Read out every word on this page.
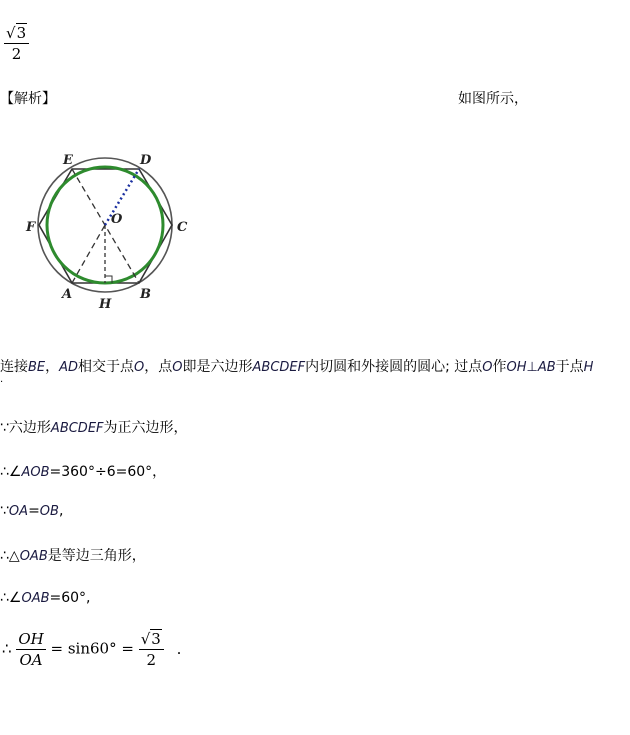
$\frac{√3}{2}$
【解析】	如图所示，
E	D
O
F	C
A	B
H
连接BE，AD相交于点O，点O即是六边形ABCDEF内切圆和外接圆的圆心; 过点O作OH⊥AB于点H
.
∵六边形ABCDEF为正六边形，
∴∠AOB=360°÷6=60°，
∵OA=OB,
∴△OAB是等边三角形，
∴∠OAB=60°,
∴ $\frac{OH}{OA} = \sin 60^\circ = \frac{√3}{2}$ .
